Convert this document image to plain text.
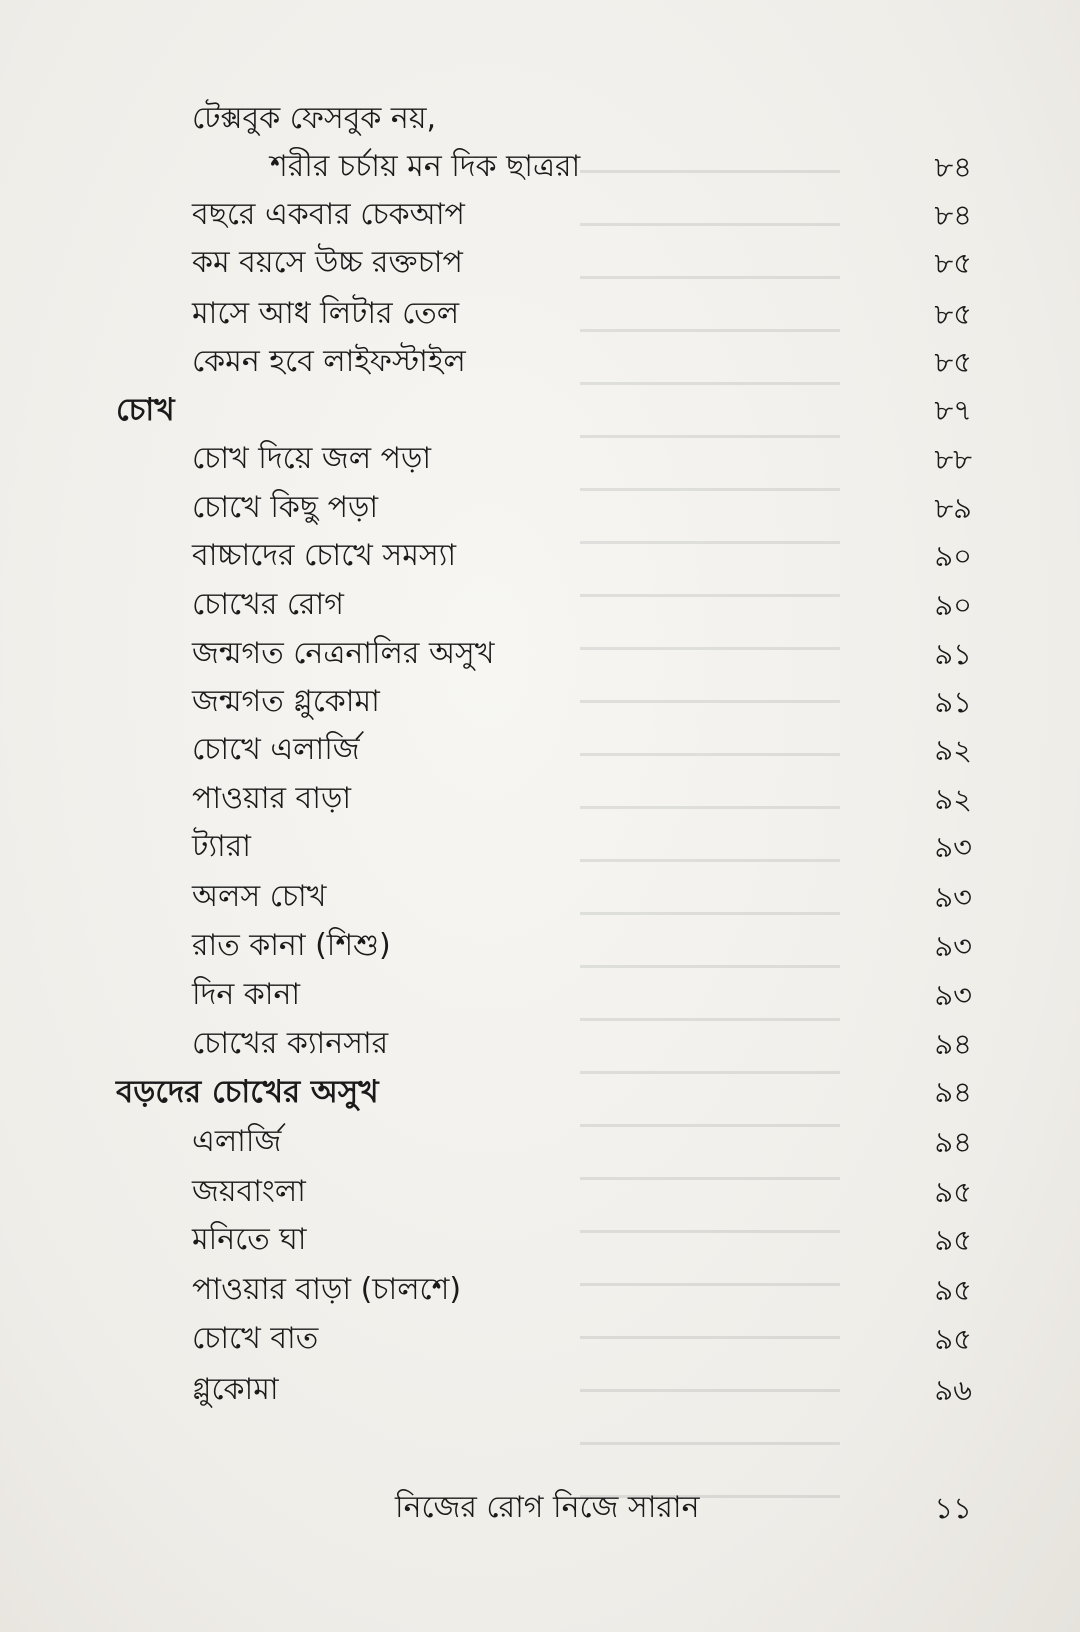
টেক্সবুক ফেসবুক নয়,
শরীর চর্চায় মন দিক ছাত্ররা	৮৪
বছরে একবার চেকআপ	৮৪
কম বয়সে উচ্চ রক্তচাপ	৮৫
মাসে আধ লিটার তেল	৮৫
কেমন হবে লাইফস্টাইল	৮৫
চোখ	৮৭
চোখ দিয়ে জল পড়া	৮৮
চোখে কিছু পড়া	৮৯
বাচ্চাদের চোখে সমস্যা	৯০
চোখের রোগ	৯০
জন্মগত নেত্রনালির অসুখ	৯১
জন্মগত গ্লুকোমা	৯১
চোখে এলার্জি	৯২
পাওয়ার বাড়া	৯২
ট্যারা	৯৩
অলস চোখ	৯৩
রাত কানা (শিশু)	৯৩
দিন কানা	৯৩
চোখের ক্যানসার	৯৪
বড়দের চোখের অসুখ	৯৪
এলার্জি	৯৪
জয়বাংলা	৯৫
মনিতে ঘা	৯৫
পাওয়ার বাড়া (চালশে)	৯৫
চোখে বাত	৯৫
গ্লুকোমা	৯৬
নিজের রোগ নিজে সারান	১১
